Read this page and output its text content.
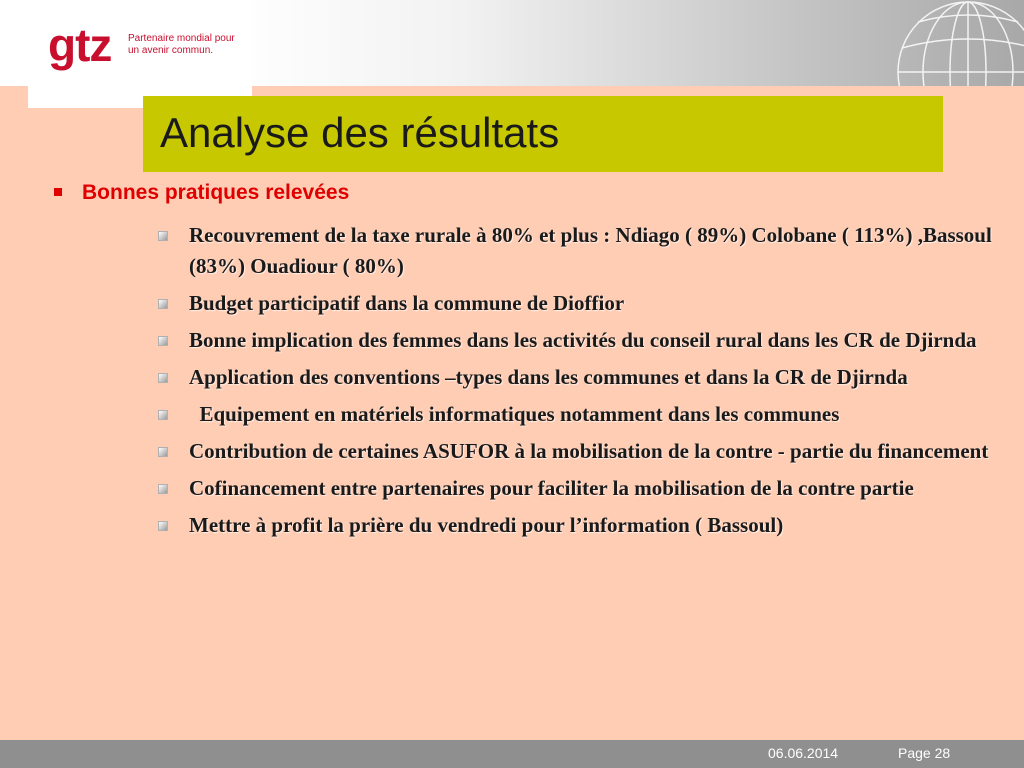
gtz Partenaire mondial pour
un avenir commun.
Analyse des résultats
Bonnes pratiques relevées
Recouvrement de la taxe rurale à 80% et plus : Ndiago ( 89%) Colobane ( 113%) ,Bassoul (83%) Ouadiour ( 80%)
Budget participatif dans la commune de Dioffior
Bonne implication des femmes dans les activités du conseil rural dans les CR de Djirnda
Application des conventions –types dans les communes et dans la CR de Djirnda
Equipement en matériels informatiques notamment dans les communes
Contribution de certaines ASUFOR à la mobilisation de la contre - partie du financement
Cofinancement entre partenaires pour faciliter la mobilisation de la contre partie
Mettre à profit la prière du vendredi pour l’information ( Bassoul)
06.06.2014	Page 28
